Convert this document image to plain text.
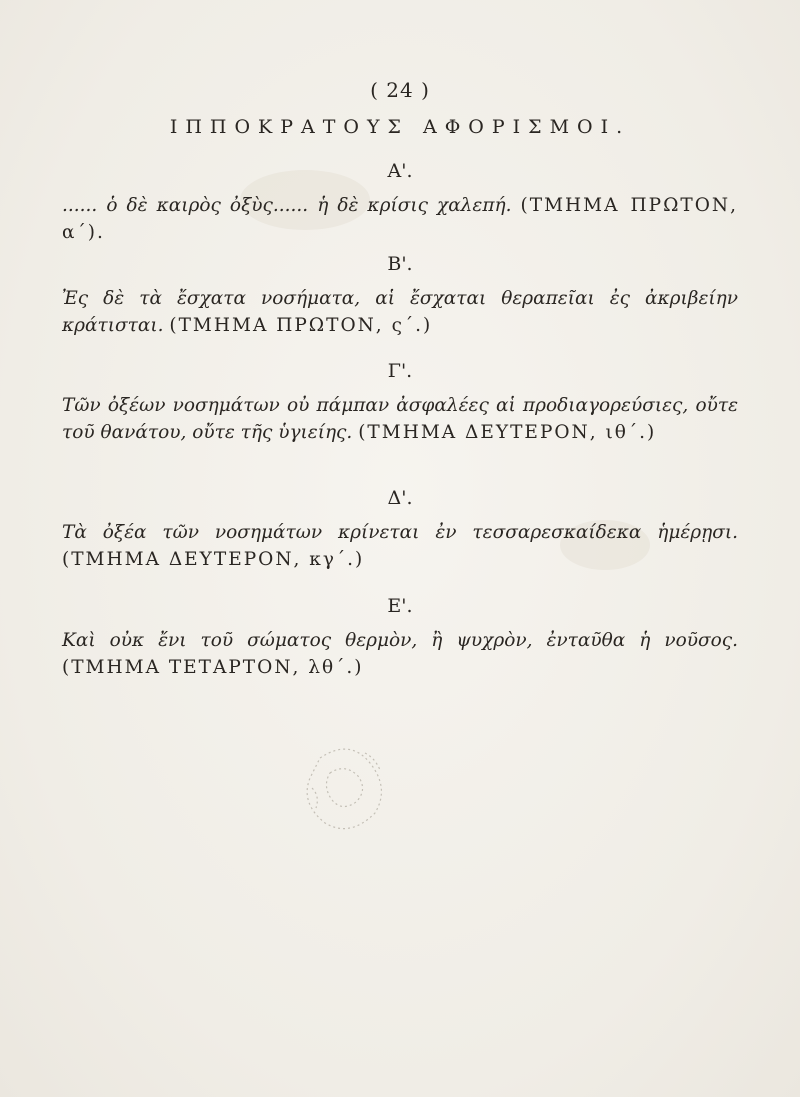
( 24 )
ΙΠΠΟΚΡΑΤΟΥΣ ΑΦΟΡΙΣΜΟΙ.
Α'.

...... ὁ δὲ καιρὸς ὀξὺς...... ἡ δὲ κρίσις χαλεπή. (ΤΜΗΜΑ ΠΡΩΤΟΝ, α΄).

Β'.

Ἐς δὲ τὰ ἔσχατα νοσήματα, αἱ ἔσχαται θεραπεῖαι ἐς ἀκριβείην κράτισται. (ΤΜΗΜΑ ΠΡΩΤΟΝ, ς΄.)

Γ'.

Τῶν ὀξέων νοσημάτων οὐ πάμπαν ἀσφαλέες αἱ προδιαγορεύσιες, οὔτε τοῦ θανάτου, οὔτε τῆς ὑγιείης. (ΤΜΗΜΑ ΔΕΥΤΕΡΟΝ, ιθ΄.)

Δ'.

Τὰ ὀξέα τῶν νοσημάτων κρίνεται ἐν τεσσαρεσκαίδεκα ἡμέρῃσι. (ΤΜΗΜΑ ΔΕΥΤΕΡΟΝ, κγ΄.)

Ε'.

Καὶ οὐκ ἔνι τοῦ σώματος θερμὸν, ἢ ψυχρὸν, ἐνταῦθα ἡ νοῦσος. (ΤΜΗΜΑ ΤΕΤΑΡΤΟΝ, λθ΄.)
